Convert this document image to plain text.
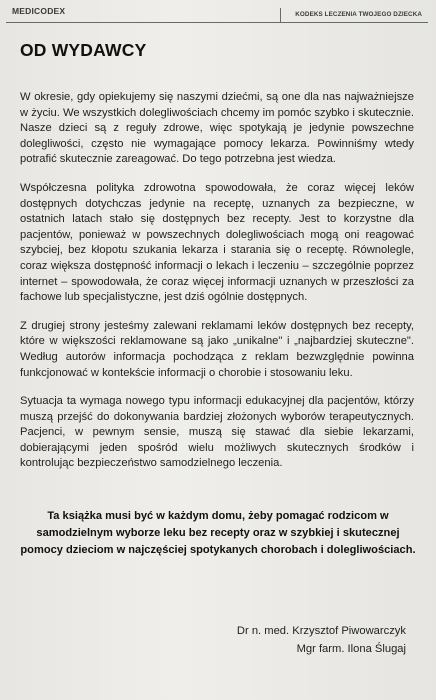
MEDICODEX	KODEKS LECZENIA TWOJEGO DZIECKA
OD WYDAWCY

W okresie, gdy opiekujemy się naszymi dziećmi, są one dla nas najważniejsze w życiu. We wszystkich dolegliwościach chcemy im pomóc szybko i skutecznie. Nasze dzieci są z reguły zdrowe, więc spotykają je jedynie powszechne dolegliwości, często nie wymagające pomocy lekarza. Powinniśmy wtedy potrafić skutecznie zareagować. Do tego potrzebna jest wiedza.

Współczesna polityka zdrowotna spowodowała, że coraz więcej leków dostępnych dotychczas jedynie na receptę, uznanych za bezpieczne, w ostatnich latach stało się dostępnych bez recepty. Jest to korzystne dla pacjentów, ponieważ w powszechnych dolegliwościach mogą oni reagować szybciej, bez kłopotu szukania lekarza i starania się o receptę. Równolegle, coraz większa dostępność informacji o lekach i leczeniu – szczególnie poprzez internet – spowodowała, że coraz więcej informacji uznanych w przeszłości za fachowe lub specjalistyczne, jest dziś ogólnie dostępnych.

Z drugiej strony jesteśmy zalewani reklamami leków dostępnych bez recepty, które w większości reklamowane są jako „unikalne" i „najbardziej skuteczne". Według autorów informacja pochodząca z reklam bezwzględnie powinna funkcjonować w kontekście informacji o chorobie i stosowaniu leku.

Sytuacja ta wymaga nowego typu informacji edukacyjnej dla pacjentów, którzy muszą przejść do dokonywania bardziej złożonych wyborów terapeutycznych. Pacjenci, w pewnym sensie, muszą się stawać dla siebie lekarzami, dobierającymi jeden spośród wielu możliwych skutecznych środków i kontrolując bezpieczeństwo samodzielnego leczenia.

Ta książka musi być w każdym domu, żeby pomagać rodzicom w samodzielnym wyborze leku bez recepty oraz w szybkiej i skutecznej pomocy dzieciom w najczęściej spotykanych chorobach i dolegliwościach.
Dr n. med. Krzysztof Piwowarczyk
Mgr farm. Ilona Ślugaj
